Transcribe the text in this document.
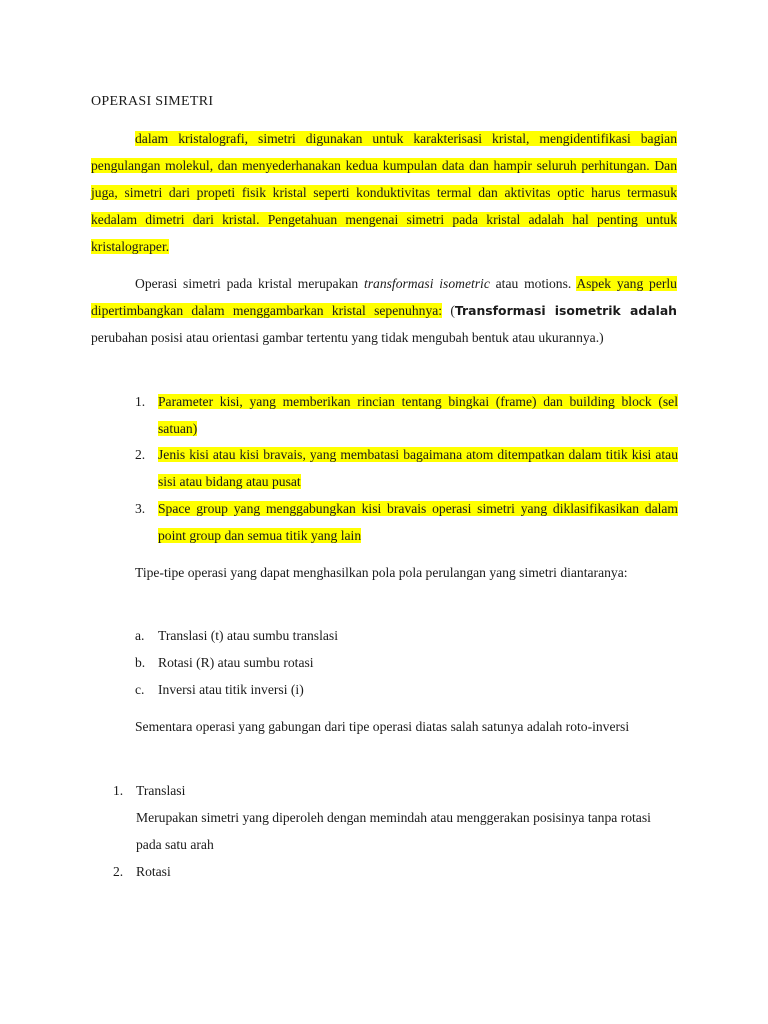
OPERASI SIMETRI
dalam kristalografi, simetri digunakan untuk karakterisasi kristal, mengidentifikasi bagian pengulangan molekul, dan menyederhanakan kedua kumpulan data dan hampir seluruh perhitungan. Dan juga, simetri dari propeti fisik kristal seperti konduktivitas termal dan aktivitas optic harus termasuk kedalam dimetri dari kristal. Pengetahuan mengenai simetri pada kristal adalah hal penting untuk kristalograper.
Operasi simetri pada kristal merupakan transformasi isometric atau motions. Aspek yang perlu dipertimbangkan dalam menggambarkan kristal sepenuhnya: (Transformasi isometrik adalah perubahan posisi atau orientasi gambar tertentu yang tidak mengubah bentuk atau ukurannya.)
1. Parameter kisi, yang memberikan rincian tentang bingkai (frame) dan building block (sel satuan)
2. Jenis kisi atau kisi bravais, yang membatasi bagaimana atom ditempatkan dalam titik kisi atau sisi atau bidang atau pusat
3. Space group yang menggabungkan kisi bravais operasi simetri yang diklasifikasikan dalam point group dan semua titik yang lain
Tipe-tipe operasi yang dapat menghasilkan pola pola perulangan yang simetri diantaranya:
a. Translasi (t) atau sumbu translasi
b. Rotasi (R) atau sumbu rotasi
c. Inversi atau titik inversi (i)
Sementara operasi yang gabungan dari tipe operasi diatas salah satunya adalah roto-inversi
1. Translasi
Merupakan simetri yang diperoleh dengan memindah atau menggerakan posisinya tanpa rotasi pada satu arah
2. Rotasi
